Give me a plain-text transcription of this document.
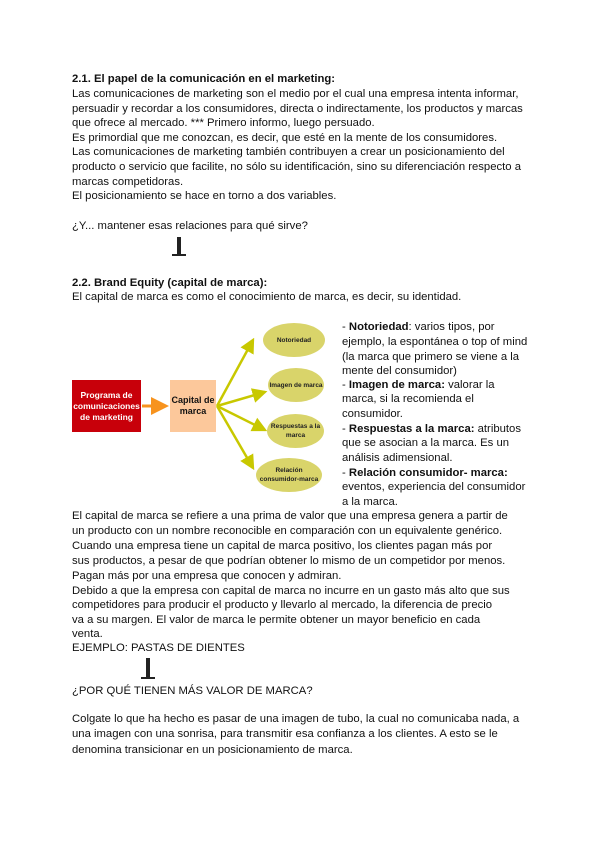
2.1. El papel de la comunicación en el marketing:
Las comunicaciones de marketing son el medio por el cual una empresa intenta informar,
persuadir y recordar a los consumidores, directa o indirectamente, los productos y marcas
que ofrece al mercado. *** Primero informo, luego persuado.
Es primordial que me conozcan, es decir, que esté en la mente de los consumidores.
Las comunicaciones de marketing también contribuyen a crear un posicionamiento del
producto o servicio que facilite, no sólo su identificación, sino su diferenciación respecto a
marcas competidoras.
El posicionamiento se hace en torno a dos variables.
¿Y... mantener esas relaciones para qué sirve?
2.2. Brand Equity (capital de marca):
El capital de marca es como el conocimiento de marca, es decir, su identidad.
Programa de comunicaciones de marketing
Capital de marca
Notoriedad
Imagen de marca
Respuestas a la marca
Relación consumidor-marca
- Notoriedad: varios tipos, por
ejemplo, la espontánea o top of mind
(la marca que primero se viene a la
mente del consumidor)
- Imagen de marca: valorar la
marca, si la recomienda el
consumidor.
- Respuestas a la marca: atributos
que se asocian a la marca. Es un
análisis adimensional.
- Relación consumidor- marca:
eventos, experiencia del consumidor
a la marca.
El capital de marca se refiere a una prima de valor que una empresa genera a partir de
un producto con un nombre reconocible en comparación con un equivalente genérico.
Cuando una empresa tiene un capital de marca positivo, los clientes pagan más por
sus productos, a pesar de que podrían obtener lo mismo de un competidor por menos.
Pagan más por una empresa que conocen y admiran.
Debido a que la empresa con capital de marca no incurre en un gasto más alto que sus
competidores para producir el producto y llevarlo al mercado, la diferencia de precio
va a su margen. El valor de marca le permite obtener un mayor beneficio en cada
venta.
EJEMPLO: PASTAS DE DIENTES
¿POR QUÉ TIENEN MÁS VALOR DE MARCA?
Colgate lo que ha hecho es pasar de una imagen de tubo, la cual no comunicaba nada, a
una imagen con una sonrisa, para transmitir esa confianza a los clientes. A esto se le
denomina transicionar en un posicionamiento de marca.
